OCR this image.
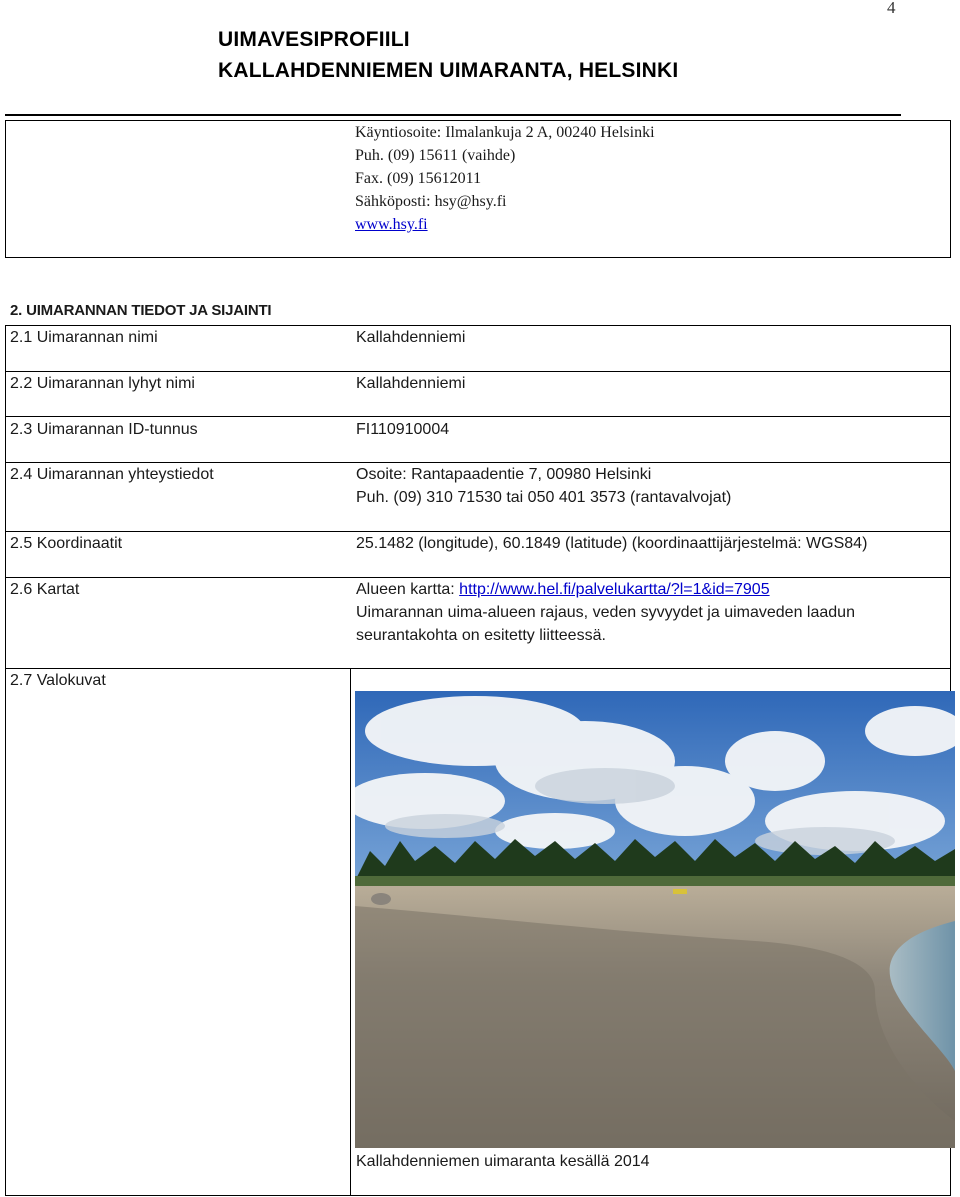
4
UIMAVESIPROFIILI
KALLAHDENNIEMEN UIMARANTA, HELSINKI
Käyntiosoite: Ilmalankuja 2 A, 00240 Helsinki
Puh. (09) 15611 (vaihde)
Fax. (09) 15612011
Sähköposti: hsy@hsy.fi
www.hsy.fi
2. UIMARANNAN TIEDOT JA SIJAINTI
2.1 Uimarannan nimi	Kallahdenniemi
2.2 Uimarannan lyhyt nimi	Kallahdenniemi
2.3 Uimarannan ID-tunnus	FI110910004
2.4 Uimarannan yhteystiedot	Osoite: Rantapaadentie 7, 00980 Helsinki
Puh. (09) 310 71530 tai 050 401 3573 (rantavalvojat)
2.5 Koordinaatit	25.1482 (longitude), 60.1849 (latitude) (koordinaattijärjestelmä: WGS84)
2.6 Kartat	Alueen kartta: http://www.hel.fi/palvelukartta/?l=1&id=7905
Uimarannan uima-alueen rajaus, veden syvyydet ja uimaveden laadun
seurantakohta on esitetty liitteessä.
2.7 Valokuvat
Kallahdenniemen uimaranta kesällä 2014
